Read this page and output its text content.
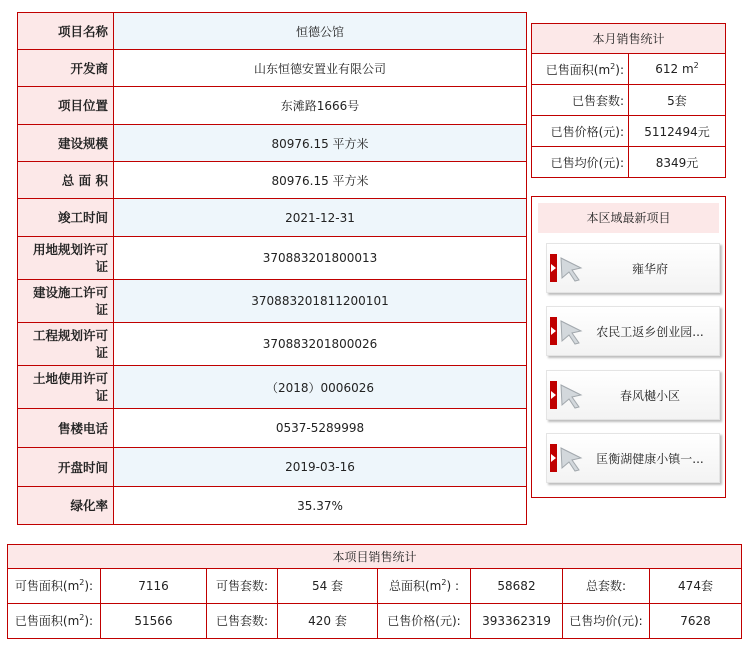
项目名称	恒德公馆
开发商	山东恒德安置业有限公司
项目位置	东滩路1666号
建设规模	80976.15 平方米
总 面 积	80976.15 平方米
竣工时间	2021-12-31
用地规划许可证	370883201800013
建设施工许可证	370883201811200101
工程规划许可证	370883201800026
土地使用许可证	（2018）0006026
售楼电话	0537-5289998
开盘时间	2019-03-16
绿化率	35.37%
本月销售统计	
已售面积$(m^2)$:	612 $m^2$
已售套数:	5套
已售价格(元):	5112494元
已售均价(元):	8349元
本区域最新项目
雍华府
农民工返乡创业园...
春风樾小区
匡衡湖健康小镇一...
本项目销售统计							
可售面积$(m^2)$:	7116	可售套数:	54 套	总面积$(m^2)$ :	58682	总套数:	474套
已售面积$(m^2)$:	51566	已售套数:	420 套	已售价格(元):	393362319	已售均价(元):	7628
